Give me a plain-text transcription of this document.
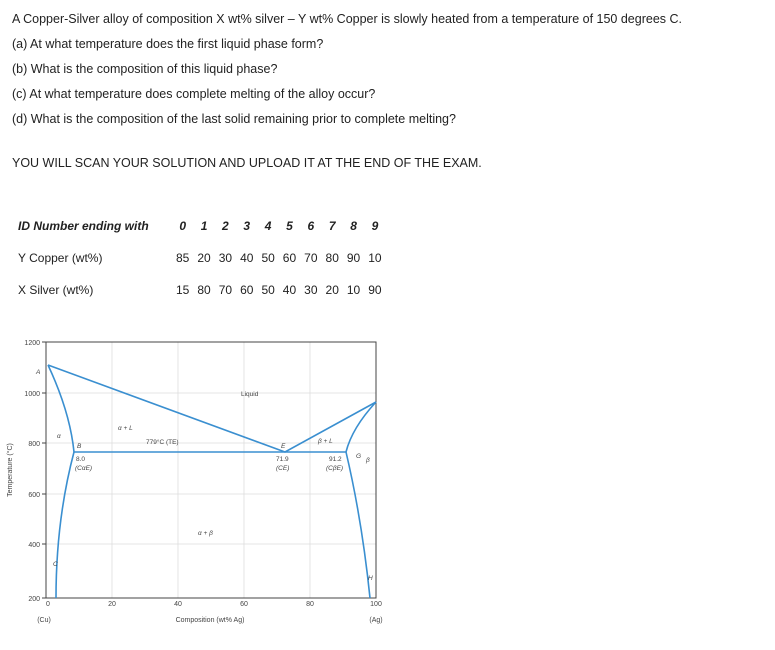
A Copper-Silver alloy of composition X wt% silver – Y wt% Copper is slowly heated from a temperature of 150 degrees C.
(a) At what temperature does the first liquid phase form?
(b) What is the composition of this liquid phase?
(c) At what temperature does complete melting of the alloy occur?
(d) What is the composition of the last solid remaining prior to complete melting?
YOU WILL SCAN YOUR SOLUTION AND UPLOAD IT AT THE END OF THE EXAM.
ID Number ending with	0	1	2	3	4	5	6	7	8	9
Y Copper (wt%)	85	20	30	40	50	60	70	80	90	10
X Silver (wt%)	15	80	70	60	50	40	30	20	10	90
1200
1000
800
600
400
200
0	20	40	60	80	100
(Cu)	(Ag)
Composition (wt% Ag)
Temperature (°C)
A
B
C
E
G
H
Liquid
α
β
α + L
β + L
α + β
779°C (TE)
8.0
(CαE)
71.9
(CE)
91.2
(CβE)
